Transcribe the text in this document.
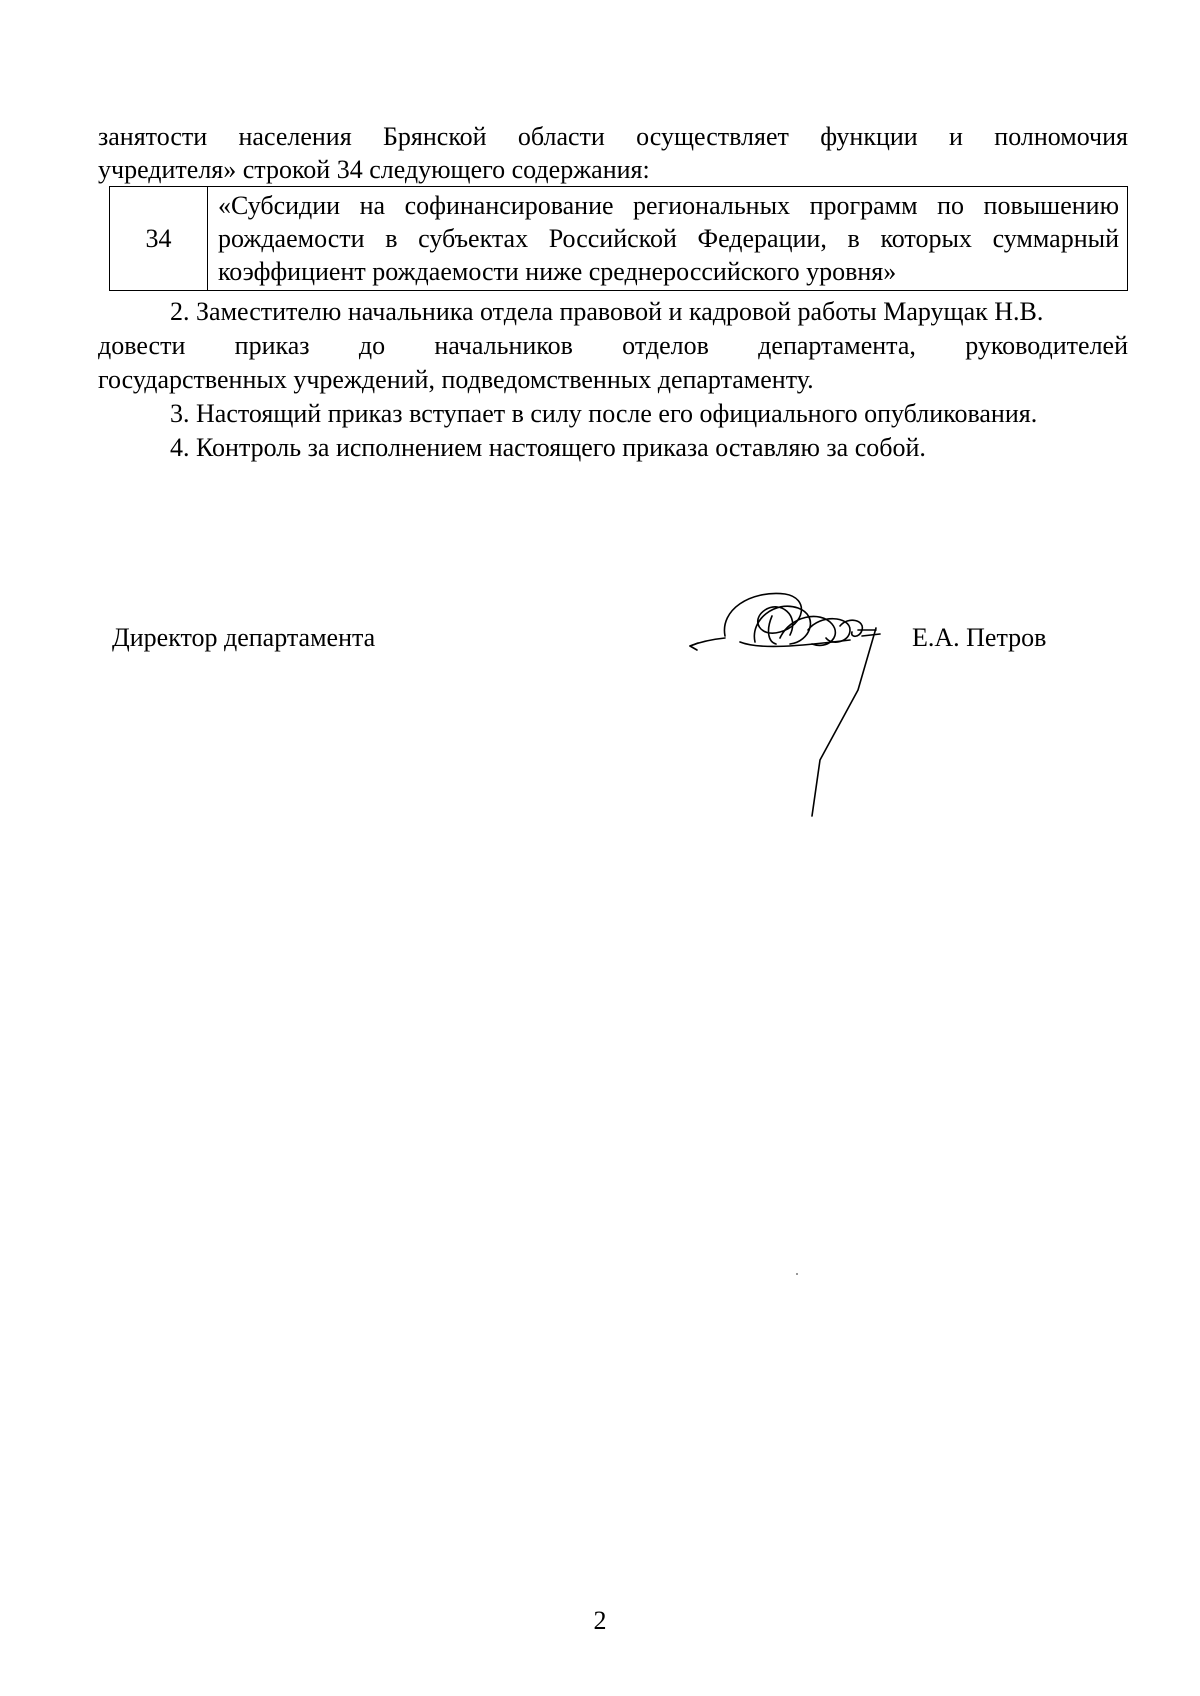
занятости населения Брянской области осуществляет функции и полномочия
учредителя» строкой 34 следующего содержания:
34
«Субсидии на софинансирование региональных программ по повышению
рождаемости в субъектах Российской Федерации, в которых суммарный
коэффициент рождаемости ниже среднероссийского уровня»
2. Заместителю начальника отдела правовой и кадровой работы Марущак Н.В.
довести приказ до начальников отделов департамента, руководителей
государственных учреждений, подведомственных департаменту.
3. Настоящий приказ вступает в силу после его официального опубликования.
4. Контроль за исполнением настоящего приказа оставляю за собой.
Директор департамента	Е.А. Петров
2
